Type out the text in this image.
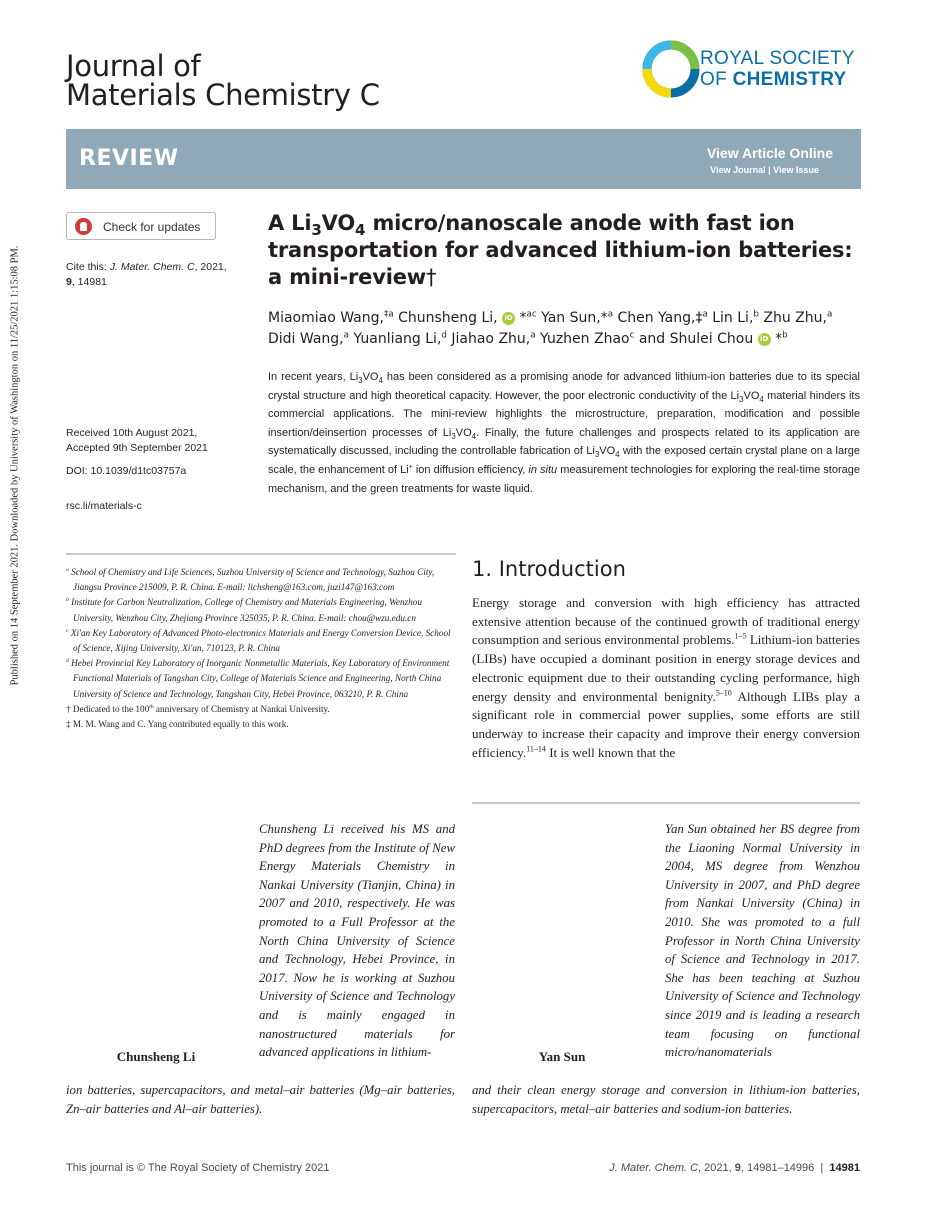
Published on 14 September 2021. Downloaded by University of Washington on 11/25/2021 1:15:08 PM.
Journal of
Materials Chemistry C
ROYAL SOCIETY
OF CHEMISTRY
REVIEW	View Article Online
View Journal | View Issue
Check for updates
Cite this: J. Mater. Chem. C, 2021,
9, 14981
Received 10th August 2021,
Accepted 9th September 2021
DOI: 10.1039/d1tc03757a
rsc.li/materials-c
A $Li_3VO_4$ micro/nanoscale anode with fast ion transportation for advanced lithium-ion batteries: a mini-review†
Miaomiao Wang,$^{\ddagger a}$ Chunsheng Li, iD *$^{ac}$ Yan Sun,*$^a$ Chen Yang,‡$^a$ Lin Li,$^b$ Zhu Zhu,$^a$
Didi Wang,$^a$ Yuanliang Li,$^d$ Jiahao Zhu,$^a$ Yuzhen Zhao$^c$ and Shulei Chou iD *$^b$
In recent years, $Li_3VO_4$ has been considered as a promising anode for advanced lithium-ion batteries due to its special crystal structure and high theoretical capacity. However, the poor electronic conductivity of the $Li_3VO_4$ material hinders its commercial applications. The mini-review highlights the microstructure, preparation, modification and possible insertion/deinsertion processes of $Li_3VO_4$. Finally, the future challenges and prospects related to its application are systematically discussed, including the controllable fabrication of $Li_3VO_4$ with the exposed certain crystal plane on a large scale, the enhancement of Li+ ion diffusion efficiency, in situ measurement technologies for exploring the real-time storage mechanism, and the green treatments for waste liquid.
$^a$ School of Chemistry and Life Sciences, Suzhou University of Science and Technology, Suzhou City, Jiangsu Province 215009, P. R. China. E-mail: lichsheng@163.com, juzi147@163.com
$^b$ Institute for Carbon Neutralization, College of Chemistry and Materials Engineering, Wenzhou University, Wenzhou City, Zhejiang Province 325035, P. R. China. E-mail: chou@wzu.edu.cn
$^c$ Xi'an Key Laboratory of Advanced Photo-electronics Materials and Energy Conversion Device, School of Science, Xijing University, Xi'an, 710123, P. R. China
$^d$ Hebei Provincial Key Laboratory of Inorganic Nonmetallic Materials, Key Laboratory of Environment Functional Materials of Tangshan City, College of Materials Science and Engineering, North China University of Science and Technology, Tangshan City, Hebei Province, 063210, P. R. China
† Dedicated to the 100th anniversary of Chemistry at Nankai University.
‡ M. M. Wang and C. Yang contributed equally to this work.
1. Introduction
Energy storage and conversion with high efficiency has attracted extensive attention because of the continued growth of traditional energy consumption and serious environmental problems.$^{1-5}$ Lithium-ion batteries (LIBs) have occupied a dominant position in energy storage devices and electronic equipment due to their outstanding cycling performance, high energy density and environmental benignity.$^{5-10}$ Although LIBs play a significant role in commercial power supplies, some efforts are still underway to increase their capacity and improve their energy conversion efficiency.$^{11-14}$ It is well known that the
Chunsheng Li received his MS and PhD degrees from the Institute of New Energy Materials Chemistry in Nankai University (Tianjin, China) in 2007 and 2010, respectively. He was promoted to a Full Professor at the North China University of Science and Technology, Hebei Province, in 2017. Now he is working at Suzhou University of Science and Technology and is mainly engaged in nanostructured materials for advanced applications in lithium-
Chunsheng Li
ion batteries, supercapacitors, and metal–air batteries (Mg–air batteries, Zn–air batteries and Al–air batteries).
Yan Sun obtained her BS degree from the Liaoning Normal University in 2004, MS degree from Wenzhou University in 2007, and PhD degree from Nankai University (China) in 2010. She was promoted to a full Professor in North China University of Science and Technology in 2017. She has been teaching at Suzhou University of Science and Technology since 2019 and is leading a research team focusing on functional micro/nanomaterials
Yan Sun
and their clean energy storage and conversion in lithium-ion batteries, supercapacitors, metal–air batteries and sodium-ion batteries.
This journal is © The Royal Society of Chemistry 2021	J. Mater. Chem. C, 2021, 9, 14981–14996 | 14981
